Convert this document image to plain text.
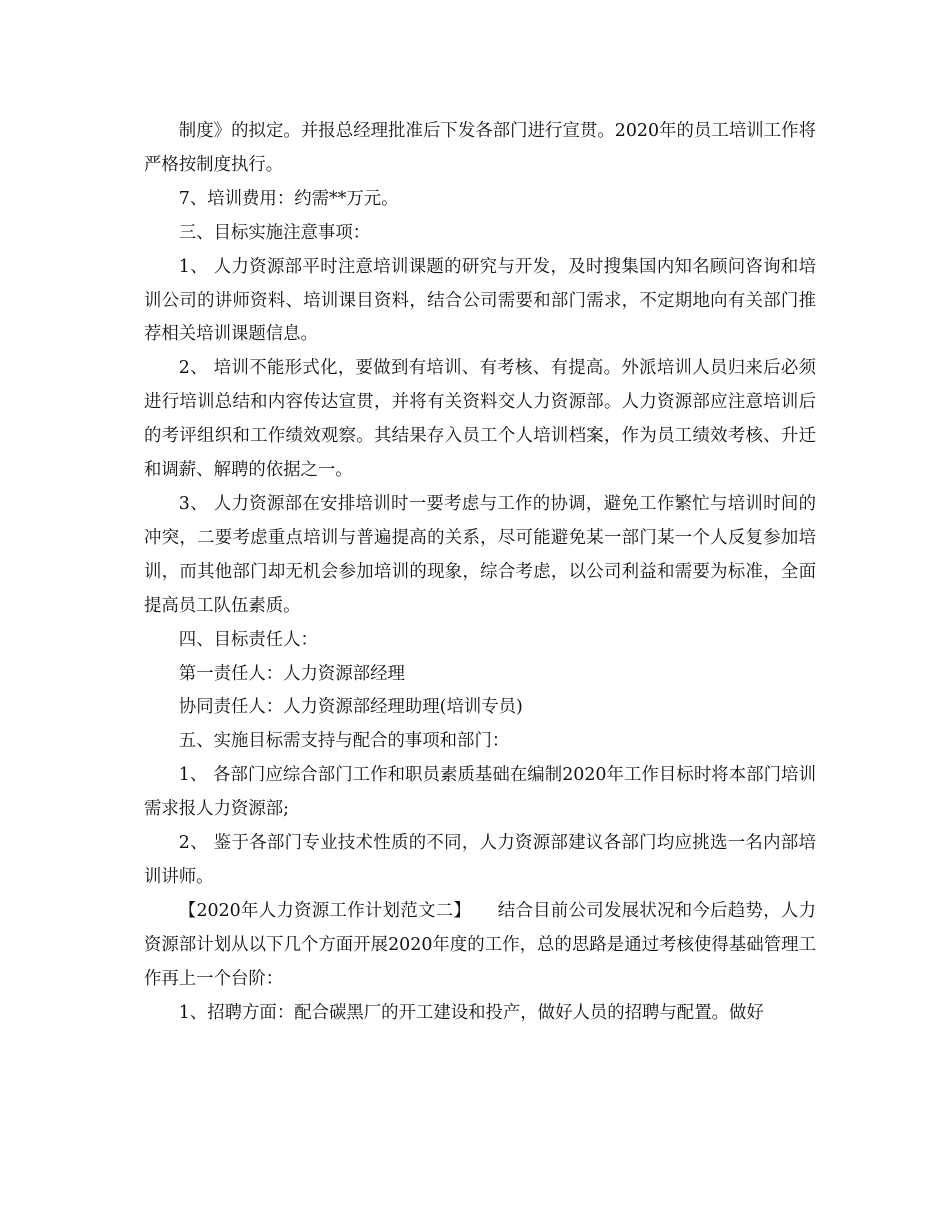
制度》的拟定。并报总经理批准后下发各部门进行宣贯。2020年的员工培训工作将严格按制度执行。

7、培训费用：约需**万元。

三、目标实施注意事项：

1、 人力资源部平时注意培训课题的研究与开发，及时搜集国内知名顾问咨询和培训公司的讲师资料、培训课目资料，结合公司需要和部门需求，不定期地向有关部门推荐相关培训课题信息。

2、 培训不能形式化，要做到有培训、有考核、有提高。外派培训人员归来后必须进行培训总结和内容传达宣贯，并将有关资料交人力资源部。人力资源部应注意培训后的考评组织和工作绩效观察。其结果存入员工个人培训档案，作为员工绩效考核、升迁和调薪、解聘的依据之一。

3、 人力资源部在安排培训时一要考虑与工作的协调，避免工作繁忙与培训时间的冲突，二要考虑重点培训与普遍提高的关系，尽可能避免某一部门某一个人反复参加培训，而其他部门却无机会参加培训的现象，综合考虑，以公司利益和需要为标准，全面提高员工队伍素质。

四、目标责任人：

第一责任人：人力资源部经理

协同责任人：人力资源部经理助理(培训专员)

五、实施目标需支持与配合的事项和部门：

1、 各部门应综合部门工作和职员素质基础在编制2020年工作目标时将本部门培训需求报人力资源部;

2、 鉴于各部门专业技术性质的不同，人力资源部建议各部门均应挑选一名内部培训讲师。

【2020年人力资源工作计划范文二】　　结合目前公司发展状况和今后趋势，人力资源部计划从以下几个方面开展2020年度的工作，总的思路是通过考核使得基础管理工作再上一个台阶：

1、招聘方面：配合碳黑厂的开工建设和投产，做好人员的招聘与配置。做好
